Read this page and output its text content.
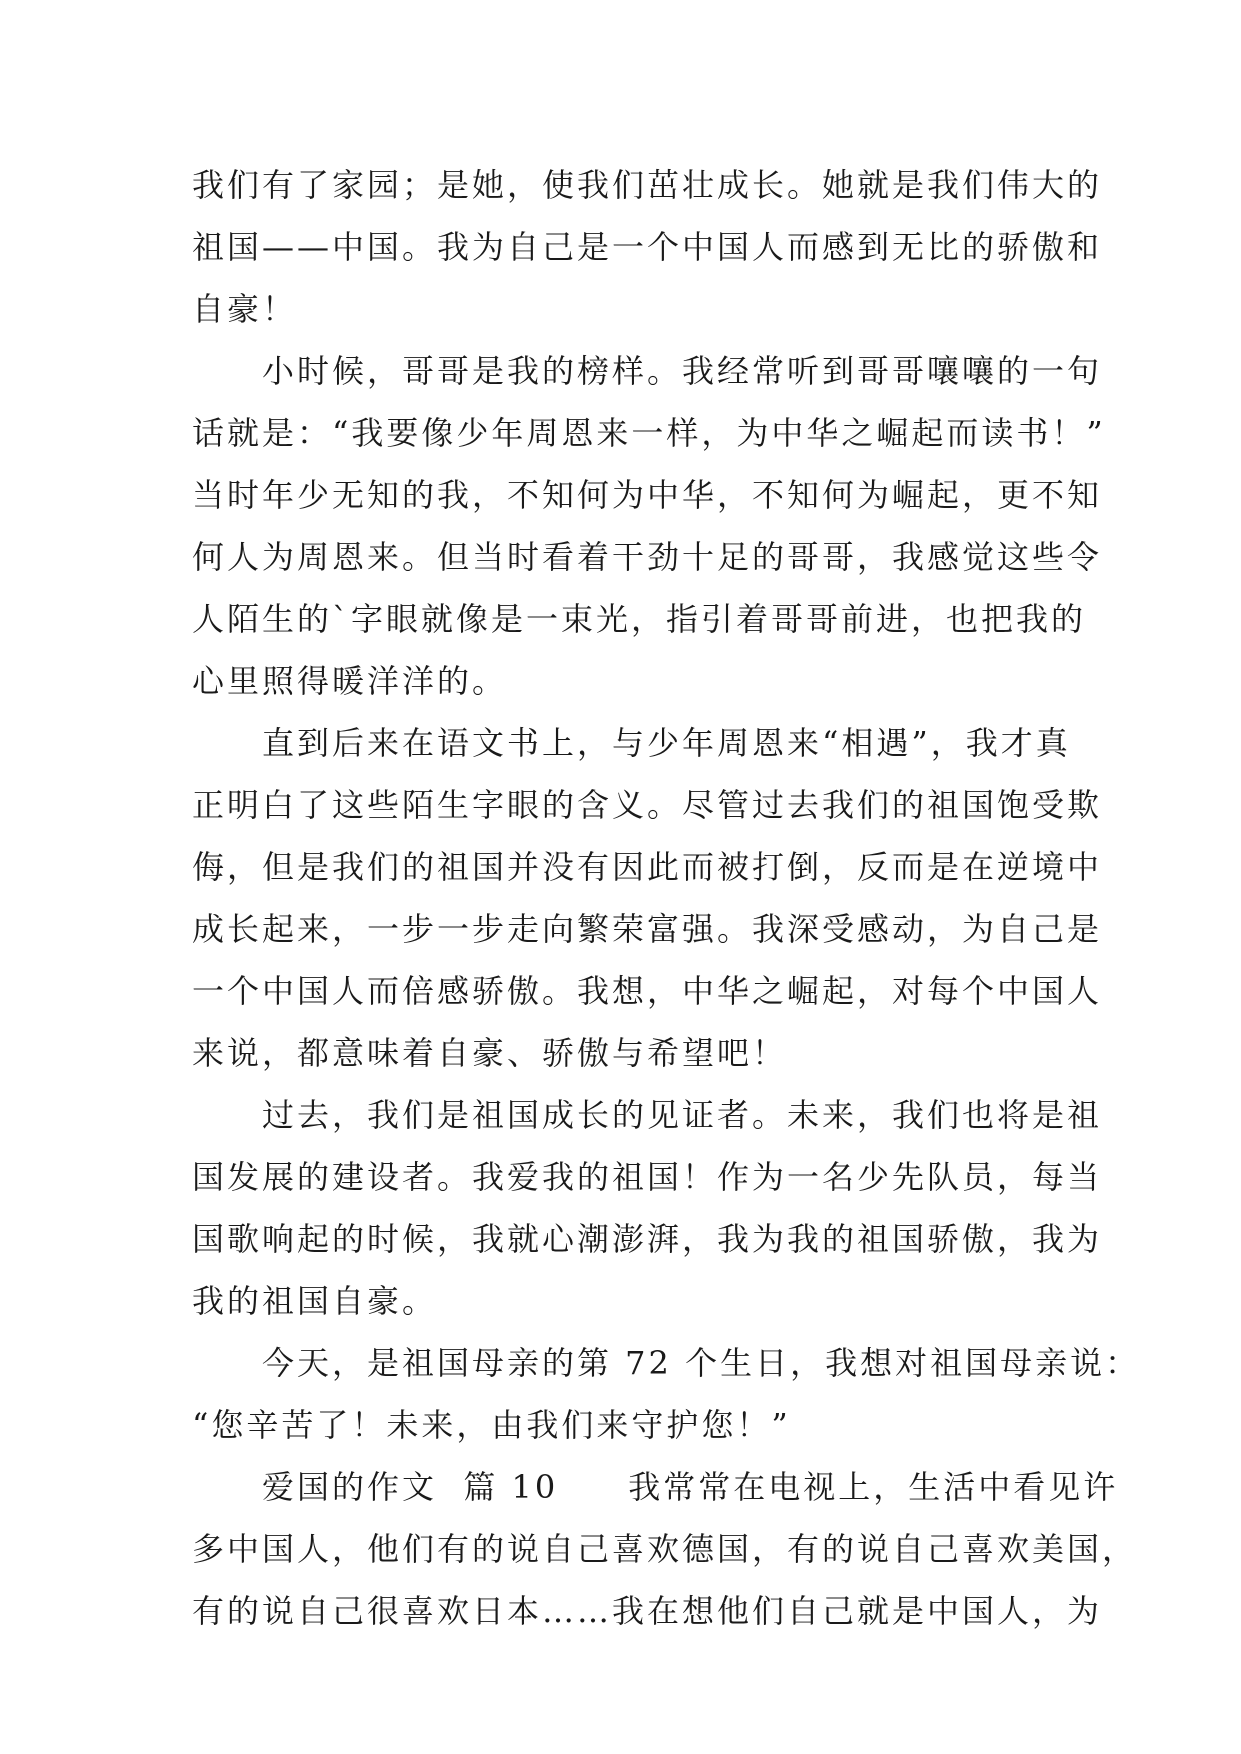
我们有了家园；是她，使我们茁壮成长。她就是我们伟大的
祖国——中国。我为自己是一个中国人而感到无比的骄傲和
自豪！
　　小时候，哥哥是我的榜样。我经常听到哥哥嚷嚷的一句
话就是：“我要像少年周恩来一样，为中华之崛起而读书！”
当时年少无知的我，不知何为中华，不知何为崛起，更不知
何人为周恩来。但当时看着干劲十足的哥哥，我感觉这些令
人陌生的`字眼就像是一束光，指引着哥哥前进，也把我的
心里照得暖洋洋的。
　　直到后来在语文书上，与少年周恩来“相遇”，我才真
正明白了这些陌生字眼的含义。尽管过去我们的祖国饱受欺
侮，但是我们的祖国并没有因此而被打倒，反而是在逆境中
成长起来，一步一步走向繁荣富强。我深受感动，为自己是
一个中国人而倍感骄傲。我想，中华之崛起，对每个中国人
来说，都意味着自豪、骄傲与希望吧！
　　过去，我们是祖国成长的见证者。未来，我们也将是祖
国发展的建设者。我爱我的祖国！作为一名少先队员，每当
国歌响起的时候，我就心潮澎湃，我为我的祖国骄傲，我为
我的祖国自豪。
　　今天，是祖国母亲的第 72 个生日，我想对祖国母亲说：
“您辛苦了！未来，由我们来守护您！”
　　爱国的作文  篇 10　　我常常在电视上，生活中看见许
多中国人，他们有的说自己喜欢德国，有的说自己喜欢美国，
有的说自己很喜欢日本……我在想他们自己就是中国人，为
